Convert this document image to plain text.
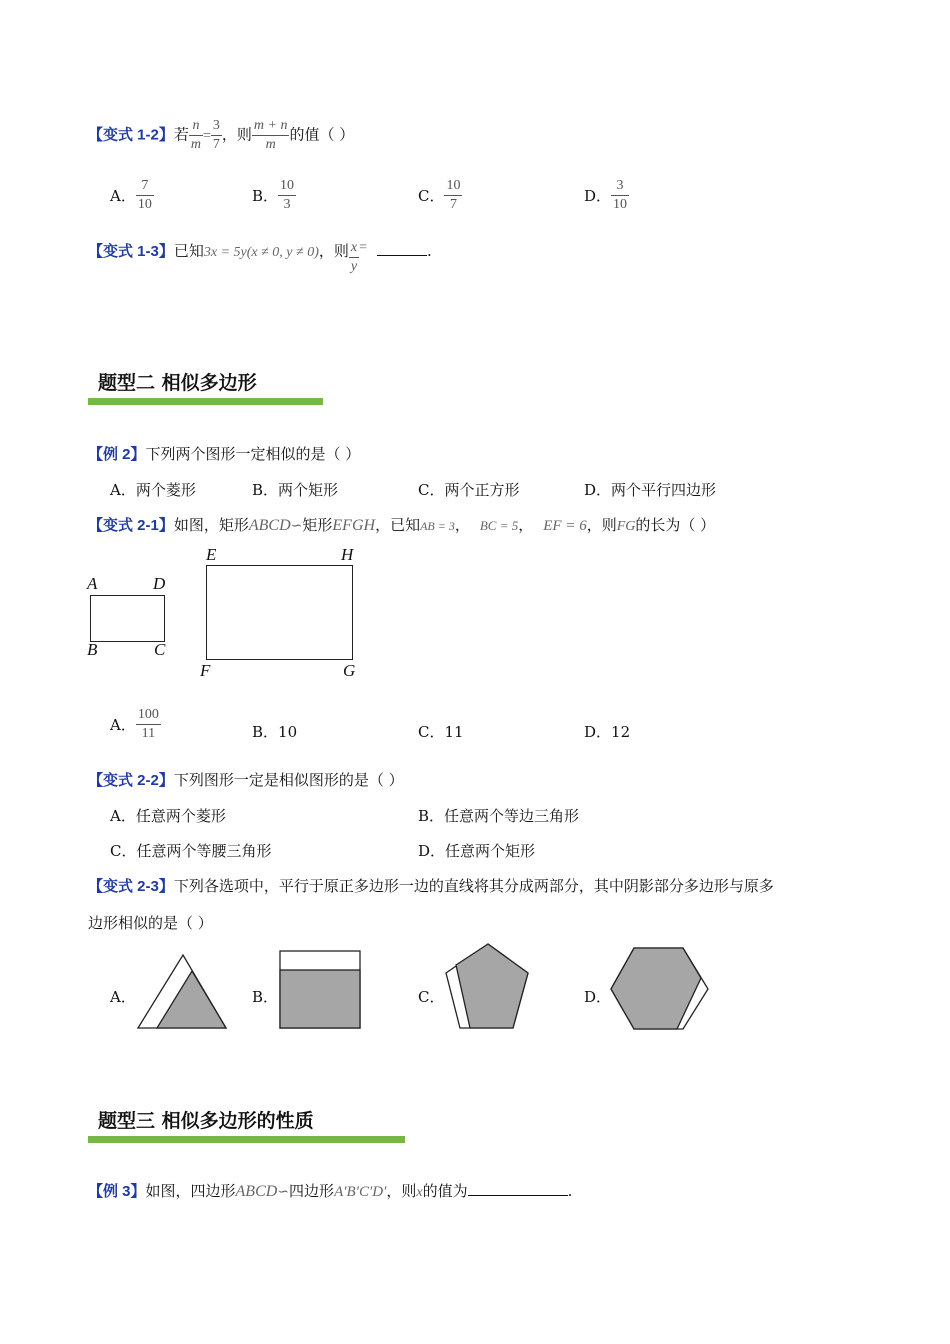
【变式 1-2】若 $\frac{n}{m} = \frac{3}{7}$ ，则 $\frac{m + n}{m}$ 的值（ ）
A． $\frac{7}{10}$	B． $\frac{10}{3}$	C． $\frac{10}{7}$	D． $\frac{3}{10}$
【变式 1-3】已知3x = 5y(x ≠ 0, y ≠ 0)，则 $\frac{x}{y}$ =	.
题型二 相似多边形
【例 2】下列两个图形一定相似的是（ ）
A．两个菱形	B．两个矩形	C．两个正方形	D．两个平行四边形
【变式 2-1】如图，矩形ABCD∽矩形EFGH，已知AB = 3， BC = 5， EF = 6，则FG的长为（ ）
A	D
B	C
E	H
F	G
A． $\frac{100}{11}$	B．10	C．11	D．12
【变式 2-2】下列图形一定是相似图形的是（ ）
A．任意两个菱形	B．任意两个等边三角形
C．任意两个等腰三角形	D．任意两个矩形
【变式 2-3】下列各选项中，平行于原正多边形一边的直线将其分成两部分，其中阴影部分多边形与原多
边形相似的是（ ）
A．	B．	C．	D．
题型三 相似多边形的性质
【例 3】如图，四边形ABCD∽四边形A′B′C′D′，则x的值为	.
